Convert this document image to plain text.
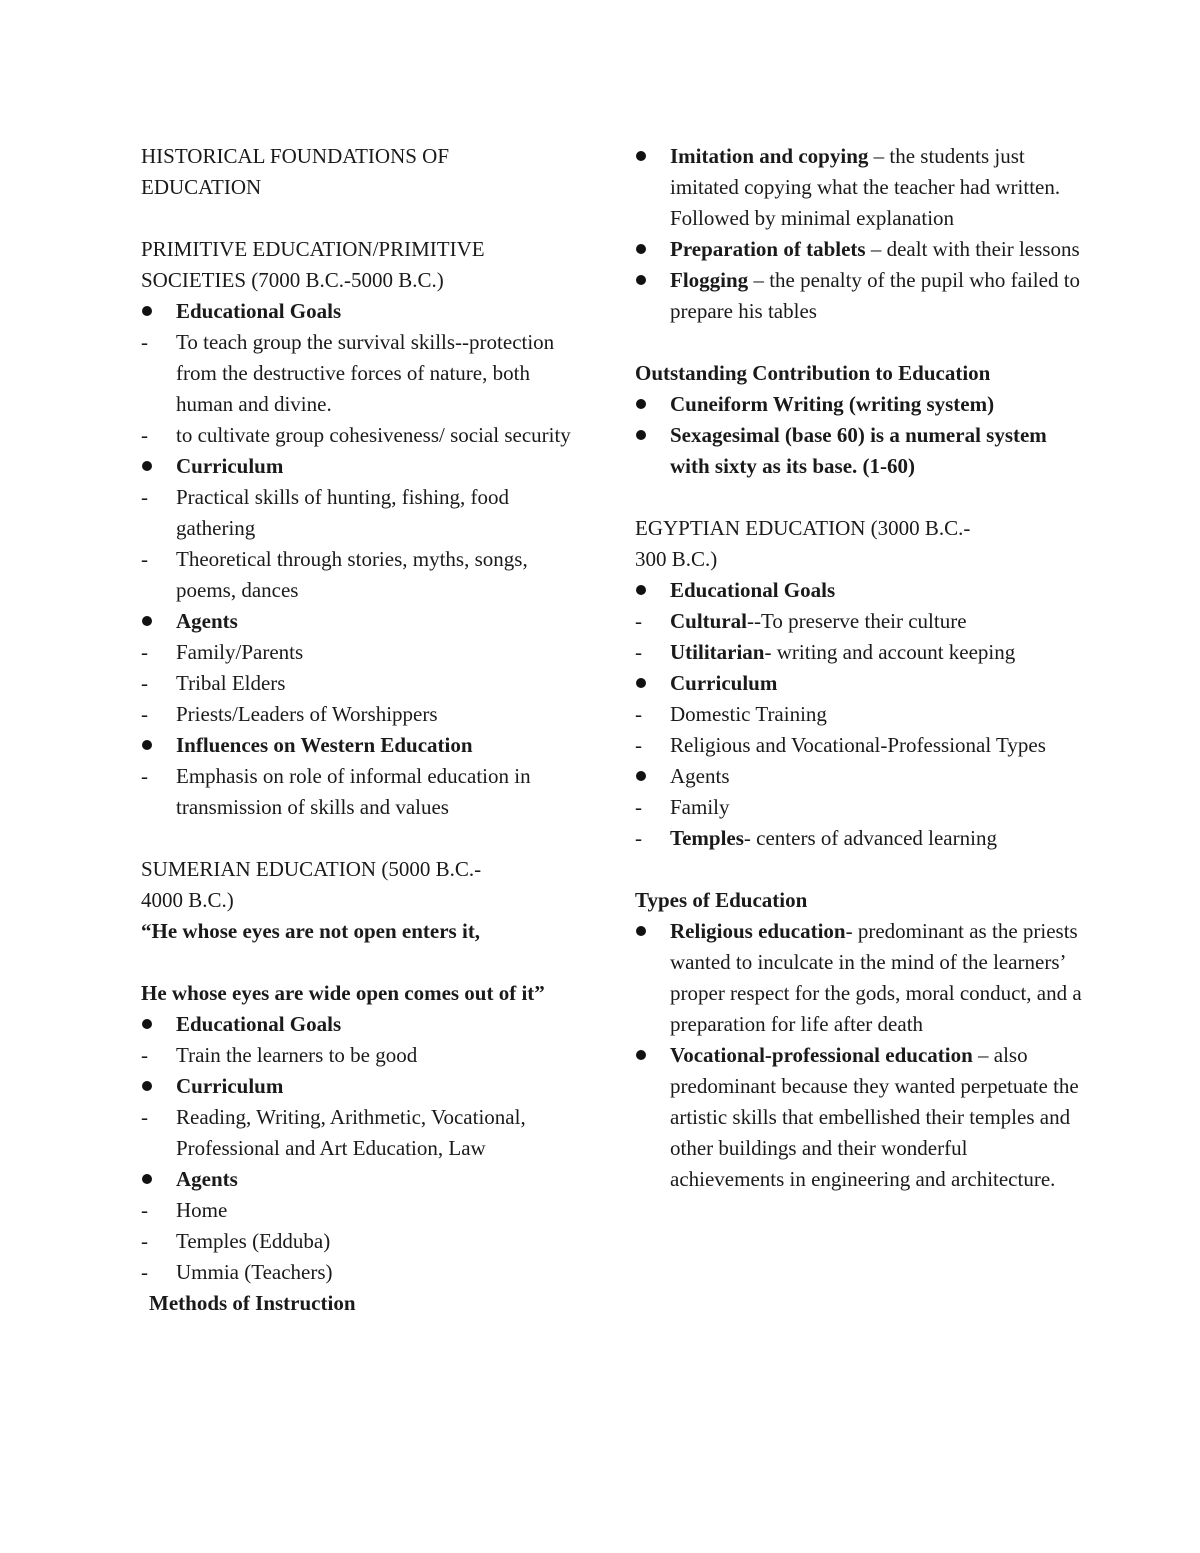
HISTORICAL FOUNDATIONS OF
EDUCATION
PRIMITIVE EDUCATION/PRIMITIVE
SOCIETIES (7000 B.C.-5000 B.C.)
Educational Goals
- To teach group the survival skills--protection from the destructive forces of nature, both human and divine.
- to cultivate group cohesiveness/ social security
Curriculum
- Practical skills of hunting, fishing, food gathering
- Theoretical through stories, myths, songs, poems, dances
Agents
- Family/Parents
- Tribal Elders
- Priests/Leaders of Worshippers
Influences on Western Education
- Emphasis on role of informal education in transmission of skills and values
SUMERIAN EDUCATION (5000 B.C.-
4000 B.C.)
“He whose eyes are not open enters it,
He whose eyes are wide open comes out of it”
Educational Goals
- Train the learners to be good
Curriculum
- Reading, Writing, Arithmetic, Vocational, Professional and Art Education, Law
Agents
- Home
- Temples (Edduba)
- Ummia (Teachers)
Methods of Instruction
Imitation and copying – the students just imitated copying what the teacher had written. Followed by minimal explanation
Preparation of tablets – dealt with their lessons
Flogging – the penalty of the pupil who failed to prepare his tables
Outstanding Contribution to Education
Cuneiform Writing (writing system)
Sexagesimal (base 60) is a numeral system with sixty as its base. (1-60)
EGYPTIAN EDUCATION (3000 B.C.-
300 B.C.)
Educational Goals
- Cultural--To preserve their culture
- Utilitarian- writing and account keeping
Curriculum
- Domestic Training
- Religious and Vocational-Professional Types
Agents
- Family
- Temples- centers of advanced learning
Types of Education
Religious education- predominant as the priests wanted to inculcate in the mind of the learners’ proper respect for the gods, moral conduct, and a preparation for life after death
Vocational-professional education – also predominant because they wanted perpetuate the artistic skills that embellished their temples and other buildings and their wonderful achievements in engineering and architecture.
